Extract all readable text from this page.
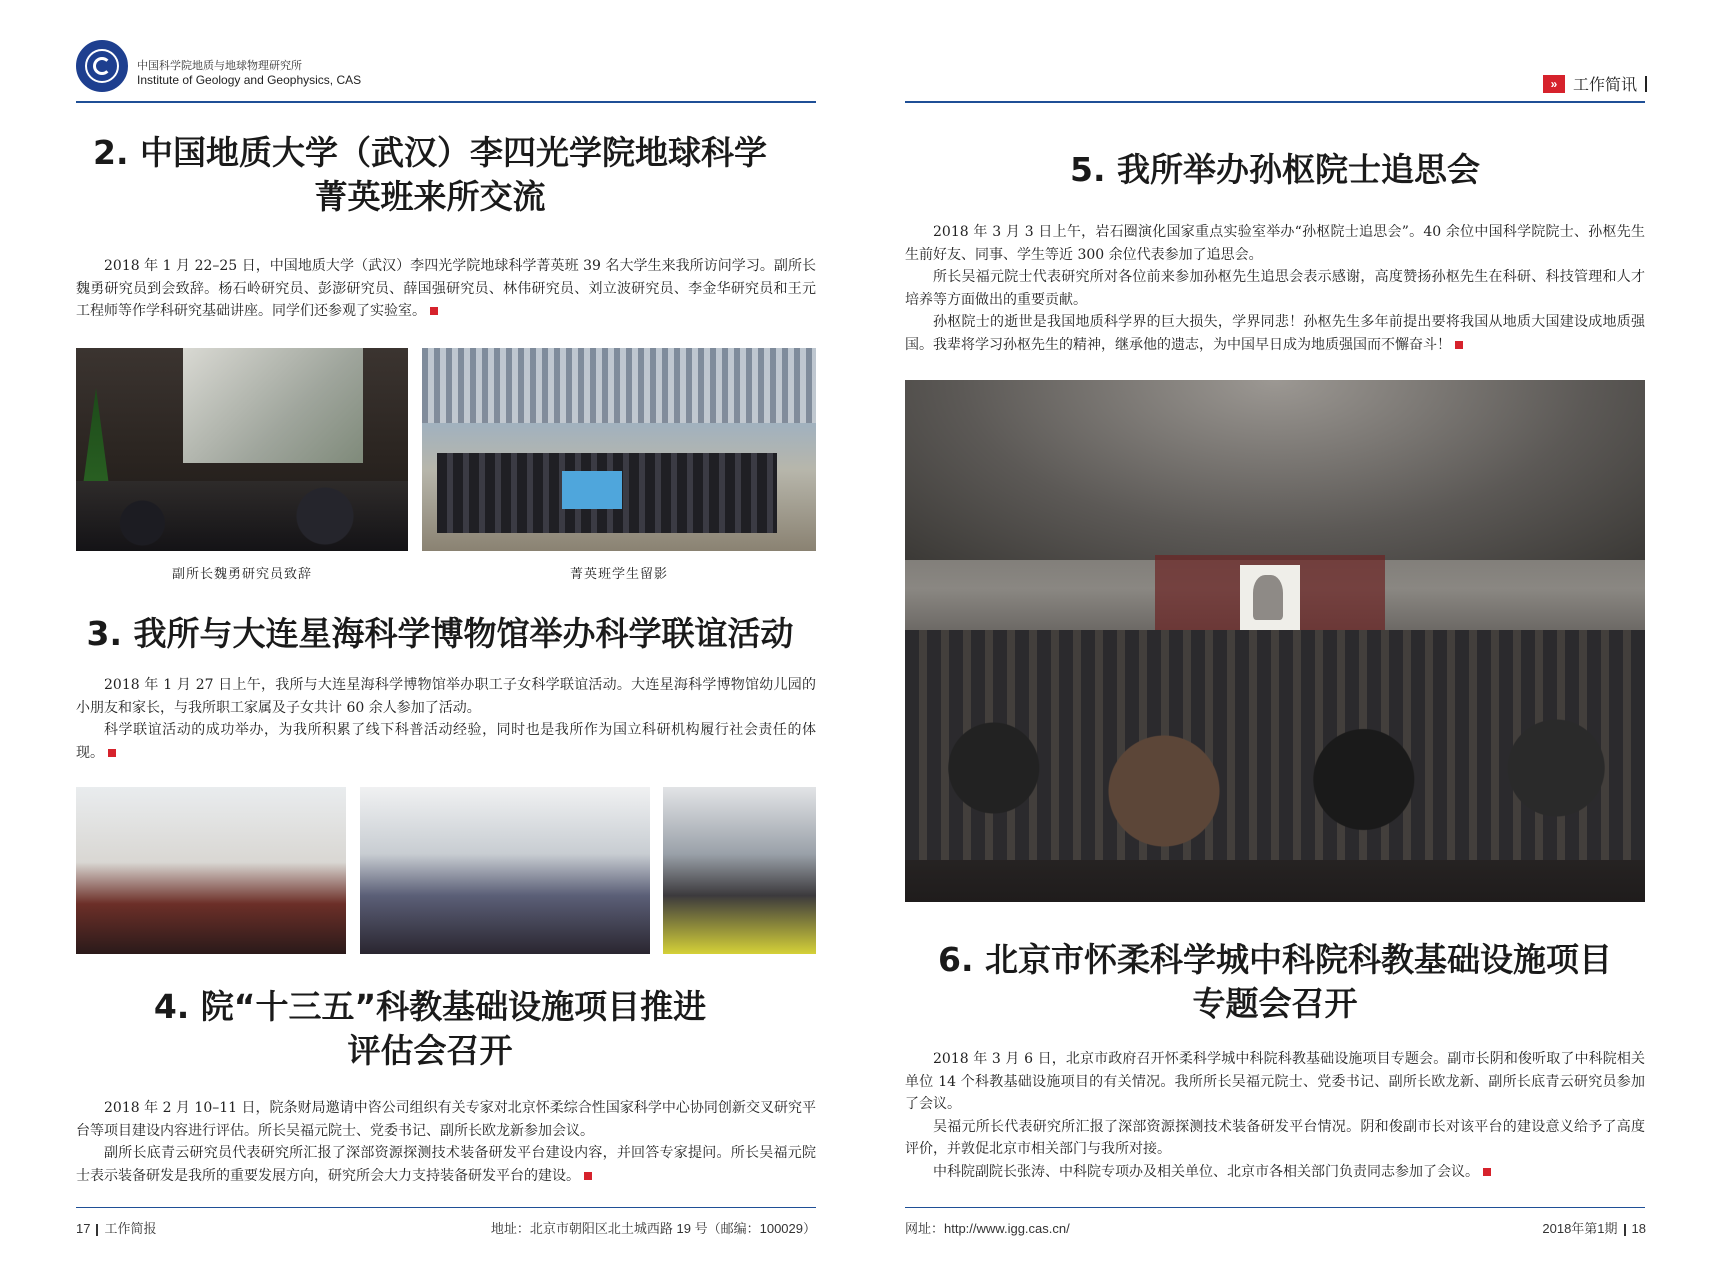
中国科学院地质与地球物理研究所
Institute of Geology and Geophysics, CAS
2. 中国地质大学（武汉）李四光学院地球科学
菁英班来所交流

2018 年 1 月 22–25 日，中国地质大学（武汉）李四光学院地球科学菁英班 39 名大学生来我所访问学习。副所长魏勇研究员到会致辞。杨石岭研究员、彭澎研究员、薛国强研究员、林伟研究员、刘立波研究员、李金华研究员和王元工程师等作学科研究基础讲座。同学们还参观了实验室。

副所长魏勇研究员致辞	菁英班学生留影
3. 我所与大连星海科学博物馆举办科学联谊活动

2018 年 1 月 27 日上午，我所与大连星海科学博物馆举办职工子女科学联谊活动。大连星海科学博物馆幼儿园的小朋友和家长，与我所职工家属及子女共计 60 余人参加了活动。

科学联谊活动的成功举办，为我所积累了线下科普活动经验，同时也是我所作为国立科研机构履行社会责任的体现。

4. 院“十三五”科教基础设施项目推进
评估会召开

2018 年 2 月 10–11 日，院条财局邀请中咨公司组织有关专家对北京怀柔综合性国家科学中心协同创新交叉研究平台等项目建设内容进行评估。所长吴福元院士、党委书记、副所长欧龙新参加会议。

副所长底青云研究员代表研究所汇报了深部资源探测技术装备研发平台建设内容，并回答专家提问。所长吴福元院士表示装备研发是我所的重要发展方向，研究所会大力支持装备研发平台的建设。

17 工作简报	地址：北京市朝阳区北土城西路 19 号（邮编：100029）
» 工作简讯
5. 我所举办孙枢院士追思会

2018 年 3 月 3 日上午，岩石圈演化国家重点实验室举办“孙枢院士追思会”。40 余位中国科学院院士、孙枢先生生前好友、同事、学生等近 300 余位代表参加了追思会。

所长吴福元院士代表研究所对各位前来参加孙枢先生追思会表示感谢，高度赞扬孙枢先生在科研、科技管理和人才培养等方面做出的重要贡献。

孙枢院士的逝世是我国地质科学界的巨大损失，学界同悲！孙枢先生多年前提出要将我国从地质大国建设成地质强国。我辈将学习孙枢先生的精神，继承他的遗志，为中国早日成为地质强国而不懈奋斗！

6. 北京市怀柔科学城中科院科教基础设施项目
专题会召开

2018 年 3 月 6 日，北京市政府召开怀柔科学城中科院科教基础设施项目专题会。副市长阴和俊听取了中科院相关单位 14 个科教基础设施项目的有关情况。我所所长吴福元院士、党委书记、副所长欧龙新、副所长底青云研究员参加了会议。

吴福元所长代表研究所汇报了深部资源探测技术装备研发平台情况。阴和俊副市长对该平台的建设意义给予了高度评价，并敦促北京市相关部门与我所对接。

中科院副院长张涛、中科院专项办及相关单位、北京市各相关部门负责同志参加了会议。

网址：http://www.igg.cas.cn/	2018年第1期 18
